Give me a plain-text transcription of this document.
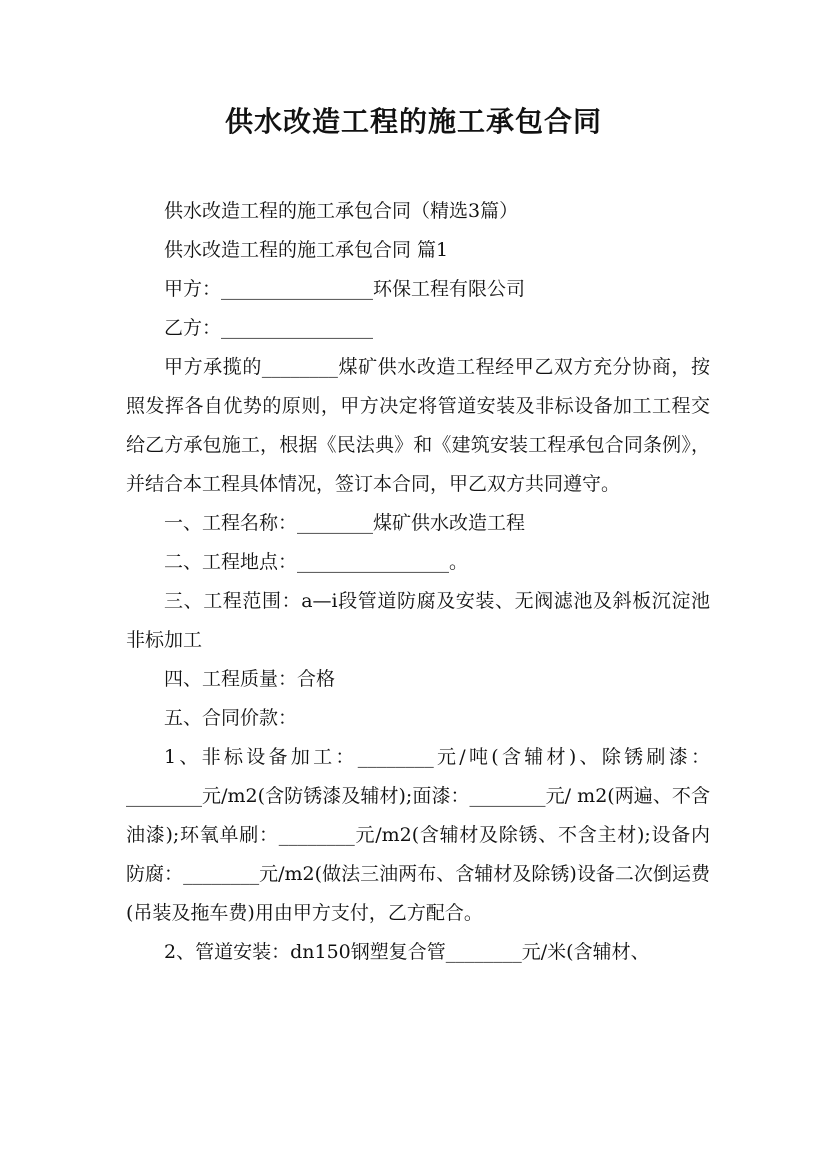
供水改造工程的施工承包合同

供水改造工程的施工承包合同（精选3篇）

供水改造工程的施工承包合同 篇1

甲方：________________环保工程有限公司

乙方：________________

甲方承揽的________煤矿供水改造工程经甲乙双方充分协商，按照发挥各自优势的原则，甲方决定将管道安装及非标设备加工工程交给乙方承包施工，根据《民法典》和《建筑安装工程承包合同条例》，并结合本工程具体情况，签订本合同，甲乙双方共同遵守。

一、工程名称：________煤矿供水改造工程

二、工程地点：________________。

三、工程范围：a—i段管道防腐及安装、无阀滤池及斜板沉淀池非标加工

四、工程质量：合格

五、合同价款：

1、非标设备加工：________元/吨(含辅材)、除锈刷漆：________元/m2(含防锈漆及辅材);面漆：________元/ m2(两遍、不含油漆);环氧单刷：________元/m2(含辅材及除锈、不含主材);设备内防腐：________元/m2(做法三油两布、含辅材及除锈)设备二次倒运费(吊装及拖车费)用由甲方支付，乙方配合。

2、管道安装：dn150钢塑复合管________元/米(含辅材、
